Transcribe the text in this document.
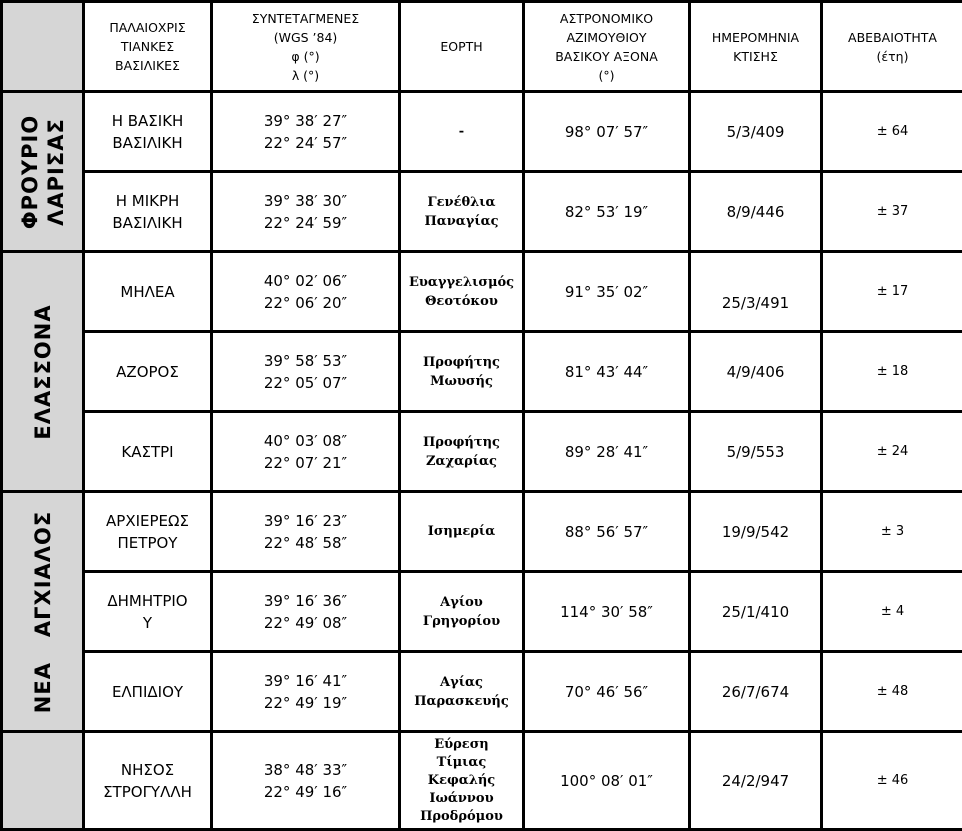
	ΠΑΛΑΙΟΧΡΙΣ
ΤΙΑΝΚΕΣ
ΒΑΣΙΛΙΚΕΣ	ΣΥΝΤΕΤΑΓΜΕΝΕΣ
(WGS ’84)
φ (°)
λ (°)	ΕΟΡΤΗ	ΑΣΤΡΟΝΟΜΙΚΟ
ΑΖΙΜΟΥΘΙΟΥ
ΒΑΣΙΚΟΥ ΑΞΟΝΑ
(°)	ΗΜΕΡΟΜΗΝΙΑ
ΚΤΙΣΗΣ	ΑΒΕΒΑΙΟΤΗΤΑ
(έτη)

ΦΡΟΥΡΙΟ ΛΑΡΙΣΑΣ	Η ΒΑΣΙΚΗ
ΒΑΣΙΛΙΚΗ	39° 38′ 27″
22° 24′ 57″	-	98° 07′ 57″	5/3/409	± 64

	Η ΜΙΚΡΗ
ΒΑΣΙΛΙΚΗ	39° 38′ 30″
22° 24′ 59″	Γενέθλια
Παναγίας	82° 53′ 19″	8/9/446	± 37

ΕΛΑΣΣΟΝΑ	ΜΗΛΕΑ	40° 02′ 06″
22° 06′ 20″	Ευαγγελισμός
Θεοτόκου	91° 35′ 02″	25/3/491	± 17

	ΑΖΟΡΟΣ	39° 58′ 53″
22° 05′ 07″	Προφήτης
Μωυσής	81° 43′ 44″	4/9/406	± 18

	ΚΑΣΤΡΙ	40° 03′ 08″
22° 07′ 21″	Προφήτης
Ζαχαρίας	89° 28′ 41″	5/9/553	± 24

ΝΕΑ   ΑΓΧΙΑΛΟΣ	ΑΡΧΙΕΡΕΩΣ
ΠΕΤΡΟΥ	39° 16′ 23″
22° 48′ 58″	Ισημερία	88° 56′ 57″	19/9/542	± 3

	ΔΗΜΗΤΡΙΟ
Υ	39° 16′ 36″
22° 49′ 08″	Αγίου
Γρηγορίου	114° 30′ 58″	25/1/410	± 4

	ΕΛΠΙΔΙΟΥ	39° 16′ 41″
22° 49′ 19″	Αγίας
Παρασκευής	70° 46′ 56″	26/7/674	± 48

	ΝΗΣΟΣ
ΣΤΡΟΓΥΛΛΗ	38° 48′ 33″
22° 49′ 16″	Εύρεση
Τίμιας
Κεφαλής
Ιωάννου
Προδρόμου	100° 08′ 01″	24/2/947	± 46
